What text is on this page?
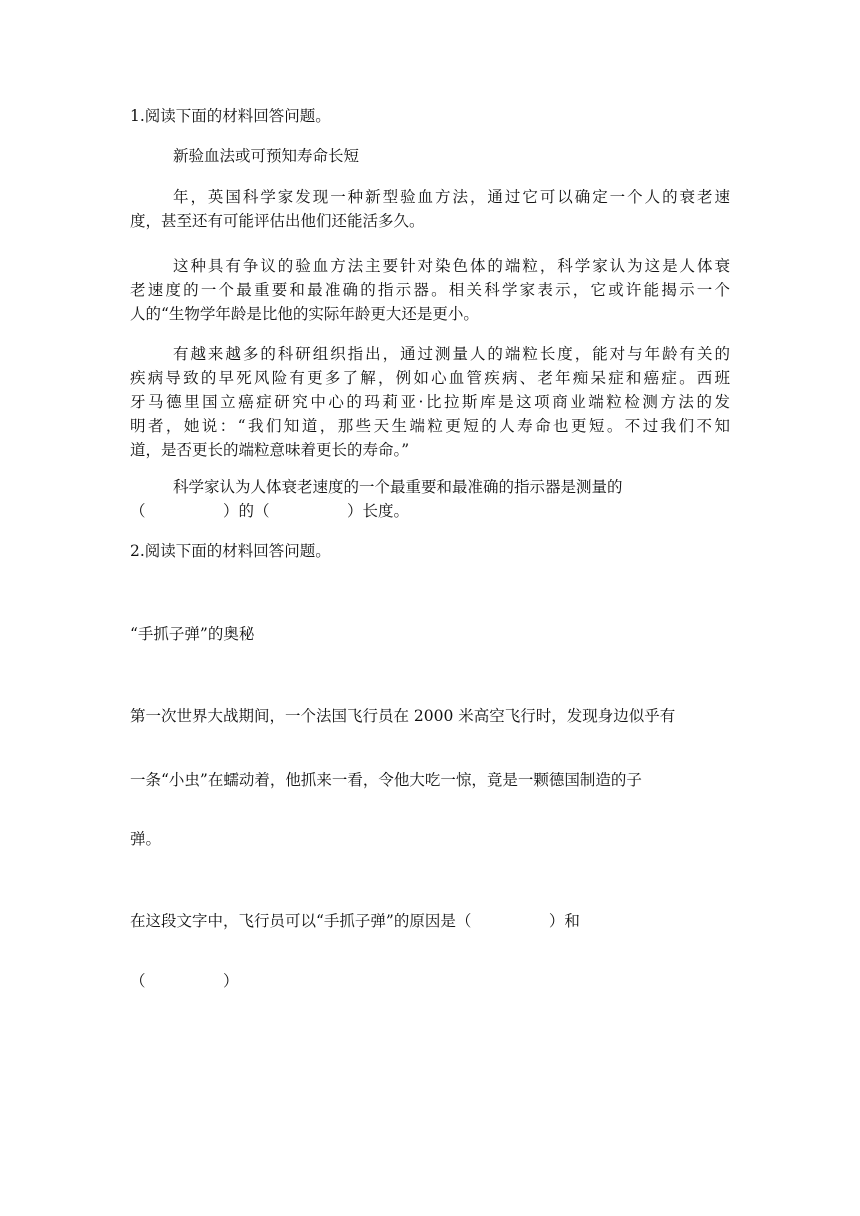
1.阅读下面的材料回答问题。
新验血法或可预知寿命长短
年，英国科学家发现一种新型验血方法，通过它可以确定一个人的衰老速
度，甚至还有可能评估出他们还能活多久。
这种具有争议的验血方法主要针对染色体的端粒，科学家认为这是人体衰
老速度的一个最重要和最准确的指示器。相关科学家表示，它或许能揭示一个
人的“生物学年龄是比他的实际年龄更大还是更小。
有越来越多的科研组织指出，通过测量人的端粒长度，能对与年龄有关的
疾病导致的早死风险有更多了解，例如心血管疾病、老年痴呆症和癌症。西班
牙马德里国立癌症研究中心的玛莉亚·比拉斯库是这项商业端粒检测方法的发
明者，她说：“我们知道，那些天生端粒更短的人寿命也更短。不过我们不知
道，是否更长的端粒意味着更长的寿命。”
科学家认为人体衰老速度的一个最重要和最准确的指示器是测量的
（　　　　　）的（　　　　　）长度。
2.阅读下面的材料回答问题。
“手抓子弹”的奥秘
第一次世界大战期间，一个法国飞行员在 2000 米高空飞行时，发现身边似乎有
一条“小虫”在蠕动着，他抓来一看，令他大吃一惊，竟是一颗德国制造的子
弹。
在这段文字中，飞行员可以“手抓子弹”的原因是（　　　　　）和
（　　　　　）
